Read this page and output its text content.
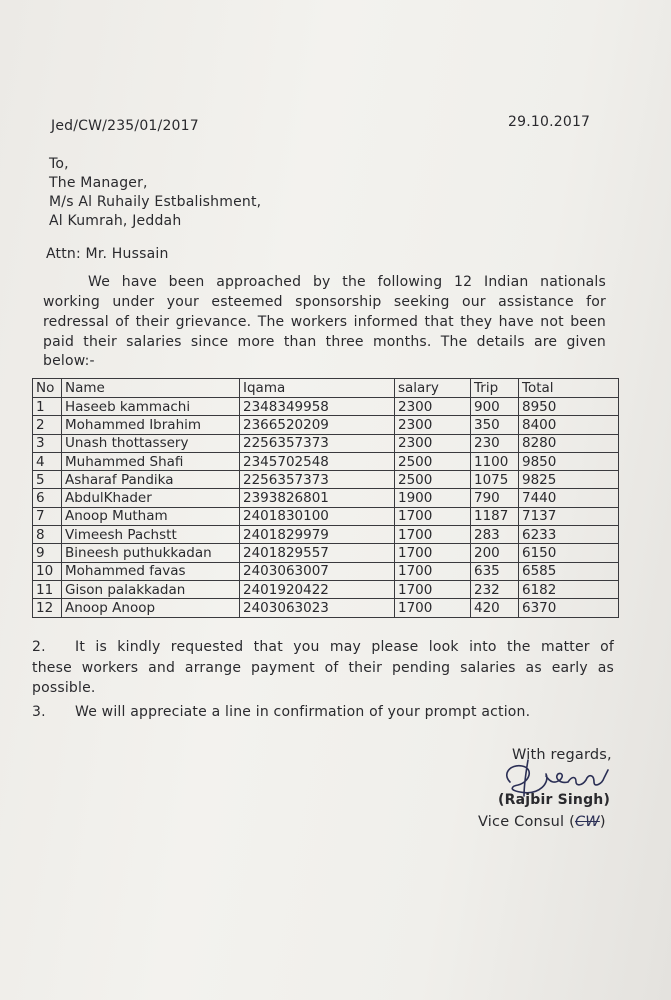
Jed/CW/235/01/2017	29.10.2017
To,
The Manager,
M/s Al Ruhaily Estbalishment,
Al Kumrah, Jeddah
Attn: Mr. Hussain
We have been approached by the following 12 Indian nationals
working under your esteemed sponsorship seeking our assistance for
redressal of their grievance. The workers informed that they have not been
paid their salaries since more than three months. The details are given
below:-
No	Name	Iqama	salary	Trip	Total
1	Haseeb kammachi	2348349958	2300	900	8950
2	Mohammed Ibrahim	2366520209	2300	350	8400
3	Unash thottassery	2256357373	2300	230	8280
4	Muhammed Shafi	2345702548	2500	1100	9850
5	Asharaf Pandika	2256357373	2500	1075	9825
6	AbdulKhader	2393826801	1900	790	7440
7	Anoop Mutham	2401830100	1700	1187	7137
8	Vimeesh Pachstt	2401829979	1700	283	6233
9	Bineesh puthukkadan	2401829557	1700	200	6150
10	Mohammed favas	2403063007	1700	635	6585
11	Gison palakkadan	2401920422	1700	232	6182
12	Anoop Anoop	2403063023	1700	420	6370
2. It is kindly requested that you may please look into the matter of
these workers and arrange payment of their pending salaries as early as
possible.
3. We will appreciate a line in confirmation of your prompt action.
With regards,
(Rajbir Singh)
Vice Consul (CW)
